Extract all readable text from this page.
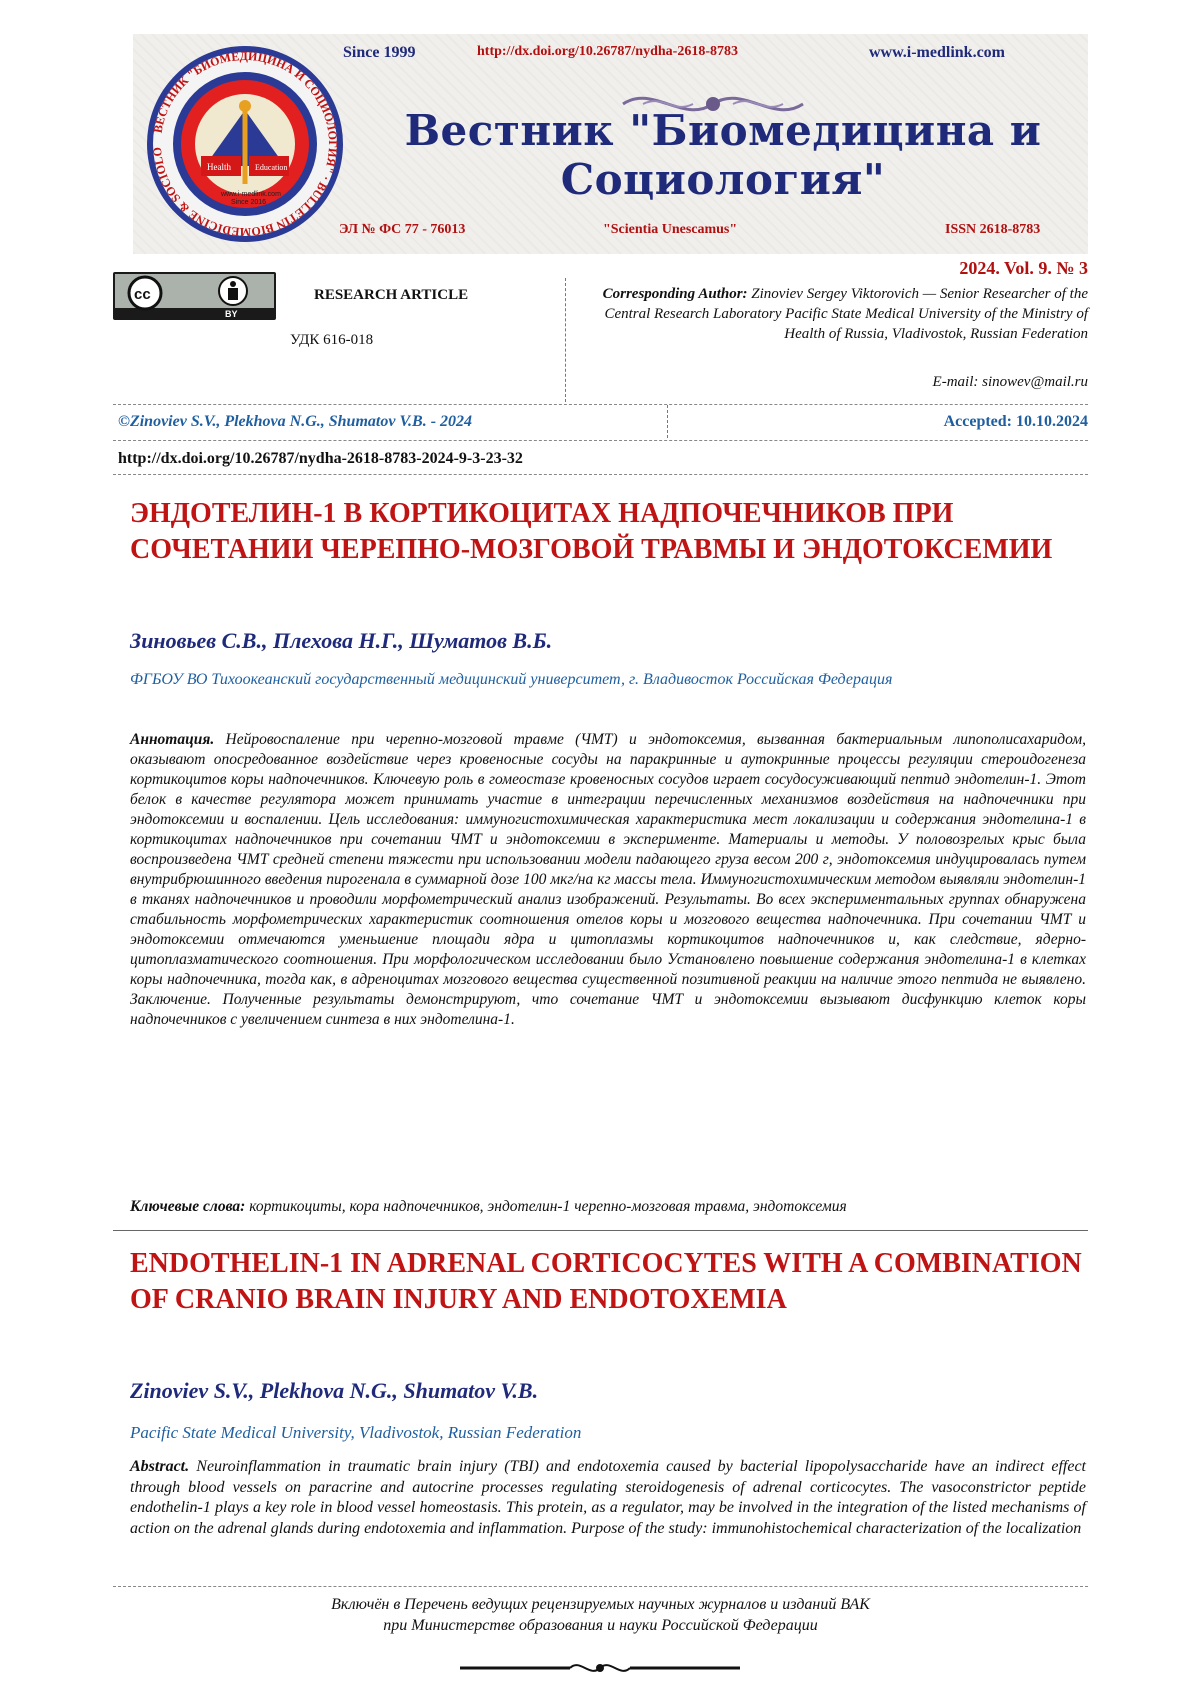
Health	Education
www.i-medlink.com
Since 2016
ВЕСТНИК "БИОМЕДИЦИНА И СОЦИОЛОГИЯ" · BULLETIN BIOMEDICINE & SOCIOLOGY
Since 1999	http://dx.doi.org/10.26787/nydha-2618-8783	www.i-medlink.com
Вестник "Биомедицина и Социология"
ЭЛ № ФС 77 - 76013	"Scientia Unescamus"	ISSN 2618-8783
2024. Vol. 9. № 3
cc
BY
RESEARCH ARTICLE
УДК 616-018
Corresponding Author: Zinoviev Sergey Viktorovich — Senior Researcher of the Central Research Laboratory Pacific State Medical University of the Ministry of Health of Russia, Vladivostok, Russian Federation
E-mail: sinowev@mail.ru
©Zinoviev S.V., Plekhova N.G., Shumatov V.B. - 2024	Accepted: 10.10.2024
http://dx.doi.org/10.26787/nydha-2618-8783-2024-9-3-23-32
ЭНДОТЕЛИН-1 В КОРТИКОЦИТАХ НАДПОЧЕЧНИКОВ ПРИ СОЧЕТАНИИ ЧЕРЕПНО-МОЗГОВОЙ ТРАВМЫ И ЭНДОТОКСЕМИИ
Зиновьев С.В., Плехова Н.Г., Шуматов В.Б.
ФГБОУ ВО Тихоокеанский государственный медицинский университет, г. Владивосток Российская Федерация
Аннотация. Нейровоспаление при черепно-мозговой травме (ЧМТ) и эндотоксемия, вызванная бактериальным липополисахаридом, оказывают опосредованное воздействие через кровеносные сосуды на паракринные и аутокринные процессы регуляции стероидогенеза кортикоцитов коры надпочечников. Ключевую роль в гомеостазе кровеносных сосудов играет сосудосуживающий пептид эндотелин-1. Этот белок в качестве регулятора может принимать участие в интеграции перечисленных механизмов воздействия на надпочечники при эндотоксемии и воспалении. Цель исследования: иммуногистохимическая характеристика мест локализации и содержания эндотелина-1 в кортикоцитах надпочечников при сочетании ЧМТ и эндотоксемии в эксперименте. Материалы и методы. У половозрелых крыс была воспроизведена ЧМТ средней степени тяжести при использовании модели падающего груза весом 200 г, эндотоксемия индуцировалась путем внутрибрюшинного введения пирогенала в суммарной дозе 100 мкг/на кг массы тела. Иммуногистохимическим методом выявляли эндотелин-1 в тканях надпочечников и проводили морфометрический анализ изображений. Результаты. Во всех экспериментальных группах обнаружена стабильность морфометрических характеристик соотношения отелов коры и мозгового вещества надпочечника. При сочетании ЧМТ и эндотоксемии отмечаются уменьшение площади ядра и цитоплазмы кортикоцитов надпочечников и, как следствие, ядерно-цитоплазматического соотношения. При морфологическом исследовании было Установлено повышение содержания эндотелина-1 в клетках коры надпочечника, тогда как, в адреноцитах мозгового вещества существенной позитивной реакции на наличие этого пептида не выявлено. Заключение. Полученные результаты демонстрируют, что сочетание ЧМТ и эндотоксемии вызывают дисфункцию клеток коры надпочечников с увеличением синтеза в них эндотелина-1.
Ключевые слова: кортикоциты, кора надпочечников, эндотелин-1 черепно-мозговая травма, эндотоксемия
ENDOTHELIN-1 IN ADRENAL CORTICOCYTES WITH A COMBINATION OF CRANIO BRAIN INJURY AND ENDOTOXEMIA
Zinoviev S.V., Plekhova N.G., Shumatov V.B.
Pacific State Medical University, Vladivostok, Russian Federation
Abstract. Neuroinflammation in traumatic brain injury (TBI) and endotoxemia caused by bacterial lipopolysaccharide have an indirect effect through blood vessels on paracrine and autocrine processes regulating steroidogenesis of adrenal corticocytes. The vasoconstrictor peptide endothelin-1 plays a key role in blood vessel homeostasis. This protein, as a regulator, may be involved in the integration of the listed mechanisms of action on the adrenal glands during endotoxemia and inflammation. Purpose of the study: immunohistochemical characterization of the localization
Включён в Перечень ведущих рецензируемых научных журналов и изданий ВАК
при Министерстве образования и науки Российской Федерации
